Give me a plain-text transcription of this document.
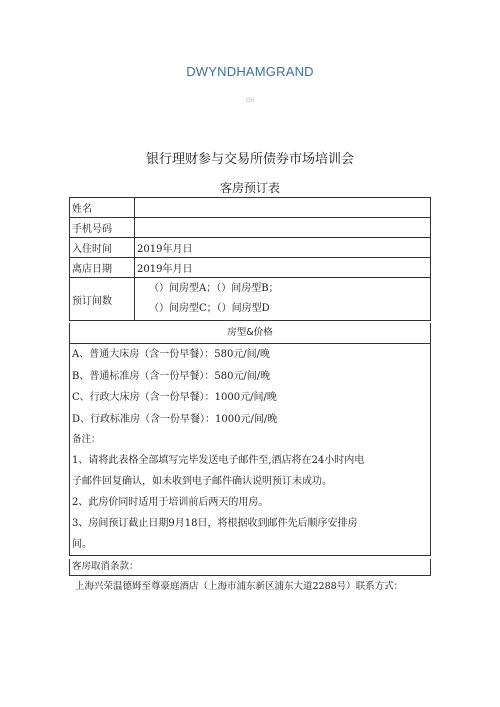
DWYNDHAMGRAND
Ori
银行理财参与交易所债券市场培训会
客房预订表
姓名	
手机号码	
入住时间	2019年月日
离店日期	2019年月日
预订间数	（）间房型A；（）间房型B；
（）间房型C；（）间房型D
房型&价格
A、普通大床房（含一份早餐）：580元/间/晚
B、普通标准房（含一份早餐）：580元/间/晚
C、行政大床房（含一份早餐）：1000元/间/晚
D、行政标准房（含一份早餐）：1000元/间/晚
备注：
1、请将此表格全部填写完毕发送电子邮件至,酒店将在24小时内电
子邮件回复确认，如未收到电子邮件确认说明预订未成功。
2、此房价同时适用于培训前后两天的用房。
3、房间预订截止日期9月18日，将根据收到邮件先后顺序安排房
间。
客房取消条款：
上海兴荣温德姆至尊豪庭酒店（上海市浦东新区浦东大道2288号）联系方式：
